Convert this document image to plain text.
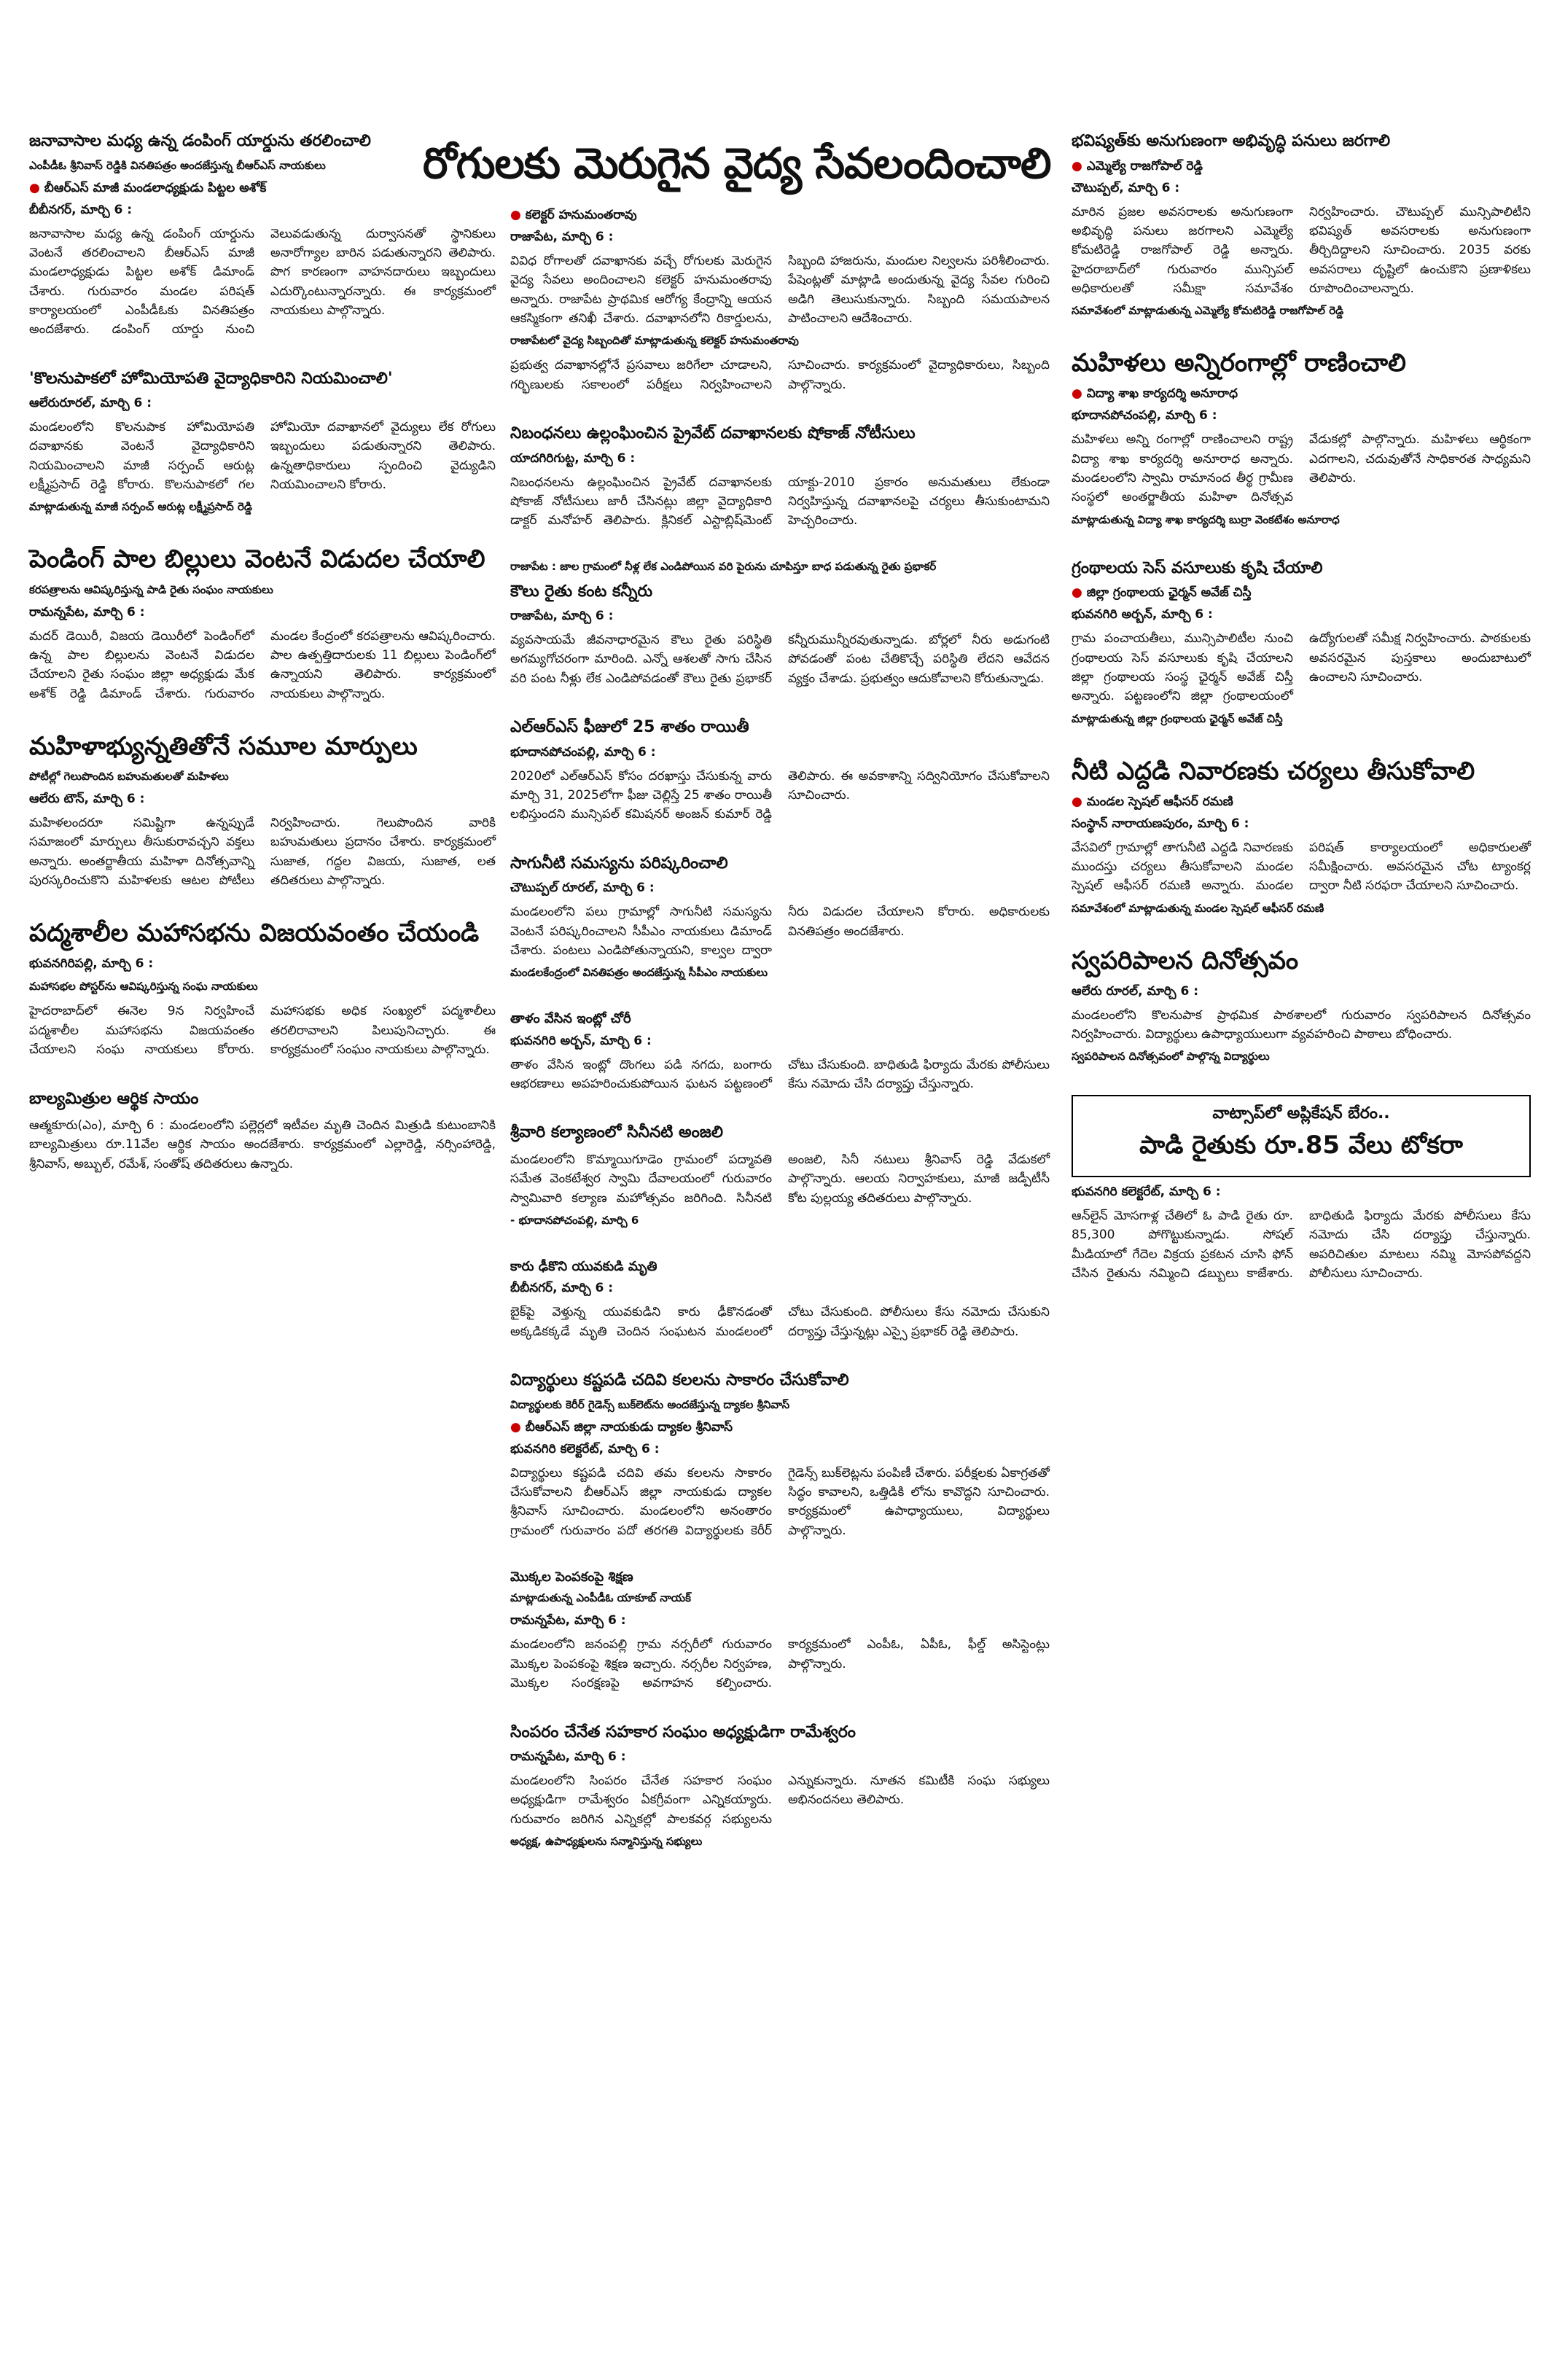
రోగులకు మెరుగైన వైద్య సేవలందించాలి
జనావాసాల మధ్య ఉన్న డంపింగ్ యార్డును తరలించాలి
ఎంపీడీఓ శ్రీనివాస్ రెడ్డికి వినతిపత్రం అందజేస్తున్న బీఆర్ఎస్ నాయకులు
● బీఆర్ఎస్ మాజీ మండలాధ్యక్షుడు పిట్టల అశోక్
బీబీనగర్, మార్చి 6 :

జనావాసాల మధ్య ఉన్న డంపింగ్ యార్డును వెంటనే తరలించాలని బీఆర్ఎస్ మాజీ మండలాధ్యక్షుడు పిట్టల అశోక్ డిమాండ్ చేశారు. గురువారం మండల పరిషత్ కార్యాలయంలో ఎంపీడీఓకు వినతిపత్రం అందజేశారు. డంపింగ్ యార్డు నుంచి వెలువడుతున్న దుర్వాసనతో స్థానికులు అనారోగ్యాల బారిన పడుతున్నారని తెలిపారు. పొగ కారణంగా వాహనదారులు ఇబ్బందులు ఎదుర్కొంటున్నారన్నారు. ఈ కార్యక్రమంలో నాయకులు పాల్గొన్నారు.

'కొలనుపాకలో హోమియోపతి వైద్యాధికారిని నియమించాలి'
ఆలేరురూరల్, మార్చి 6 :

మండలంలోని కొలనుపాక హోమియోపతి దవాఖానకు వెంటనే వైద్యాధికారిని నియమించాలని మాజీ సర్పంచ్ ఆరుట్ల లక్ష్మీప్రసాద్ రెడ్డి కోరారు. కొలనుపాకలో గల హోమియో దవాఖానలో వైద్యులు లేక రోగులు ఇబ్బందులు పడుతున్నారని తెలిపారు. ఉన్నతాధికారులు స్పందించి వైద్యుడిని నియమించాలని కోరారు.

మాట్లాడుతున్న మాజీ సర్పంచ్ ఆరుట్ల లక్ష్మీప్రసాద్ రెడ్డి
పెండింగ్ పాల బిల్లులు వెంటనే విడుదల చేయాలి
కరపత్రాలను ఆవిష్కరిస్తున్న పాడి రైతు సంఘం నాయకులు
రామన్నపేట, మార్చి 6 :

మదర్ డెయిరీ, విజయ డెయిరీలో పెండింగ్‌లో ఉన్న పాల బిల్లులను వెంటనే విడుదల చేయాలని రైతు సంఘం జిల్లా అధ్యక్షుడు మేక అశోక్ రెడ్డి డిమాండ్ చేశారు. గురువారం మండల కేంద్రంలో కరపత్రాలను ఆవిష్కరించారు. పాల ఉత్పత్తిదారులకు 11 బిల్లులు పెండింగ్‌లో ఉన్నాయని తెలిపారు. కార్యక్రమంలో నాయకులు పాల్గొన్నారు.

మహిళాభ్యున్నతితోనే సమూల మార్పులు
పోటీల్లో గెలుపొందిన బహుమతులతో మహిళలు
ఆలేరు టౌన్, మార్చి 6 :

మహిళలందరూ సమిష్టిగా ఉన్నప్పుడే సమాజంలో మార్పులు తీసుకురావచ్చని వక్తలు అన్నారు. అంతర్జాతీయ మహిళా దినోత్సవాన్ని పురస్కరించుకొని మహిళలకు ఆటల పోటీలు నిర్వహించారు. గెలుపొందిన వారికి బహుమతులు ప్రదానం చేశారు. కార్యక్రమంలో సుజాత, గద్దల విజయ, సుజాత, లత తదితరులు పాల్గొన్నారు.

పద్మశాలీల మహాసభను విజయవంతం చేయండి
భువనగిరిపల్లి, మార్చి 6 :
మహాసభల పోస్టర్‌ను ఆవిష్కరిస్తున్న సంఘ నాయకులు

హైదరాబాద్‌లో ఈనెల 9న నిర్వహించే పద్మశాలీల మహాసభను విజయవంతం చేయాలని సంఘ నాయకులు కోరారు. మహాసభకు అధిక సంఖ్యలో పద్మశాలీలు తరలిరావాలని పిలుపునిచ్చారు. ఈ కార్యక్రమంలో సంఘం నాయకులు పాల్గొన్నారు.

బాల్యమిత్రుల ఆర్థిక సాయం

ఆత్మకూరు(ఎం), మార్చి 6 : మండలంలోని పల్లెర్లలో ఇటీవల మృతి చెందిన మిత్రుడి కుటుంబానికి బాల్యమిత్రులు రూ.11వేల ఆర్థిక సాయం అందజేశారు. కార్యక్రమంలో ఎల్లారెడ్డి, నర్సింహారెడ్డి, శ్రీనివాస్, అబ్బుల్, రమేశ్, సంతోష్ తదితరులు ఉన్నారు.

● కలెక్టర్ హనుమంతరావు
రాజాపేట, మార్చి 6 :

వివిధ రోగాలతో దవాఖానకు వచ్చే రోగులకు మెరుగైన వైద్య సేవలు అందించాలని కలెక్టర్ హనుమంతరావు అన్నారు. రాజాపేట ప్రాథమిక ఆరోగ్య కేంద్రాన్ని ఆయన ఆకస్మికంగా తనిఖీ చేశారు. దవాఖానలోని రికార్డులను, సిబ్బంది హాజరును, మందుల నిల్వలను పరిశీలించారు. పేషెంట్లతో మాట్లాడి అందుతున్న వైద్య సేవల గురించి అడిగి తెలుసుకున్నారు. సిబ్బంది సమయపాలన పాటించాలని ఆదేశించారు.

రాజాపేటలో వైద్య సిబ్బందితో మాట్లాడుతున్న కలెక్టర్ హనుమంతరావు

ప్రభుత్వ దవాఖానల్లోనే ప్రసవాలు జరిగేలా చూడాలని, గర్భిణులకు సకాలంలో పరీక్షలు నిర్వహించాలని సూచించారు. కార్యక్రమంలో వైద్యాధికారులు, సిబ్బంది పాల్గొన్నారు.

నిబంధనలు ఉల్లంఘించిన ప్రైవేట్ దవాఖానలకు షోకాజ్ నోటీసులు
యాదగిరిగుట్ట, మార్చి 6 :

నిబంధనలను ఉల్లంఘించిన ప్రైవేట్ దవాఖానలకు షోకాజ్ నోటీసులు జారీ చేసినట్లు జిల్లా వైద్యాధికారి డాక్టర్ మనోహర్ తెలిపారు. క్లినికల్ ఎస్టాబ్లిష్‌మెంట్ యాక్టు-2010 ప్రకారం అనుమతులు లేకుండా నిర్వహిస్తున్న దవాఖానలపై చర్యలు తీసుకుంటామని హెచ్చరించారు.

రాజాపేట : జాల గ్రామంలో నీళ్ల లేక ఎండిపోయిన వరి పైరును చూపిస్తూ బాధ పడుతున్న రైతు ప్రభాకర్
కౌలు రైతు కంట కన్నీరు
రాజాపేట, మార్చి 6 :

వ్యవసాయమే జీవనాధారమైన కౌలు రైతు పరిస్థితి అగమ్యగోచరంగా మారింది. ఎన్నో ఆశలతో సాగు చేసిన వరి పంట నీళ్లు లేక ఎండిపోవడంతో కౌలు రైతు ప్రభాకర్ కన్నీరుమున్నీరవుతున్నాడు. బోర్లలో నీరు అడుగంటి పోవడంతో పంట చేతికొచ్చే పరిస్థితి లేదని ఆవేదన వ్యక్తం చేశాడు. ప్రభుత్వం ఆదుకోవాలని కోరుతున్నాడు.

ఎల్ఆర్ఎస్ ఫీజులో 25 శాతం రాయితీ
భూదానపోచంపల్లి, మార్చి 6 :

2020లో ఎల్ఆర్ఎస్ కోసం దరఖాస్తు చేసుకున్న వారు మార్చి 31, 2025లోగా ఫీజు చెల్లిస్తే 25 శాతం రాయితీ లభిస్తుందని మున్సిపల్ కమిషనర్ అంజన్ కుమార్ రెడ్డి తెలిపారు. ఈ అవకాశాన్ని సద్వినియోగం చేసుకోవాలని సూచించారు.

సాగునీటి సమస్యను పరిష్కరించాలి
చౌటుప్పల్ రూరల్, మార్చి 6 :

మండలంలోని పలు గ్రామాల్లో సాగునీటి సమస్యను వెంటనే పరిష్కరించాలని సీపీఎం నాయకులు డిమాండ్ చేశారు. పంటలు ఎండిపోతున్నాయని, కాల్వల ద్వారా నీరు విడుదల చేయాలని కోరారు. అధికారులకు వినతిపత్రం అందజేశారు.

మండలకేంద్రంలో వినతిపత్రం అందజేస్తున్న సీపీఎం నాయకులు
తాళం వేసిన ఇంట్లో చోరీ
భువనగిరి అర్బన్, మార్చి 6 :

తాళం వేసిన ఇంట్లో దొంగలు పడి నగదు, బంగారు ఆభరణాలు అపహరించుకుపోయిన ఘటన పట్టణంలో చోటు చేసుకుంది. బాధితుడి ఫిర్యాదు మేరకు పోలీసులు కేసు నమోదు చేసి దర్యాప్తు చేస్తున్నారు.

శ్రీవారి కల్యాణంలో సినీనటి అంజలి

మండలంలోని కొమ్మాయిగూడెం గ్రామంలో పద్మావతి సమేత వెంకటేశ్వర స్వామి దేవాలయంలో గురువారం స్వామివారి కల్యాణ మహోత్సవం జరిగింది. సినీనటి అంజలి, సినీ నటులు శ్రీనివాస్ రెడ్డి వేడుకలో పాల్గొన్నారు. ఆలయ నిర్వాహకులు, మాజీ జడ్పీటీసీ కోట పుల్లయ్య తదితరులు పాల్గొన్నారు.

- భూదానపోచంపల్లి, మార్చి 6
కారు ఢీకొని యువకుడి మృతి
బీబీనగర్, మార్చి 6 :

బైక్‌పై వెళ్తున్న యువకుడిని కారు ఢీకొనడంతో అక్కడికక్కడే మృతి చెందిన సంఘటన మండలంలో చోటు చేసుకుంది. పోలీసులు కేసు నమోదు చేసుకుని దర్యాప్తు చేస్తున్నట్లు ఎస్సై ప్రభాకర్ రెడ్డి తెలిపారు.

విద్యార్థులు కష్టపడి చదివి కలలను సాకారం చేసుకోవాలి
విద్యార్థులకు కెరీర్ గైడెన్స్ బుక్‌లెట్‌ను అందజేస్తున్న ద్యాకల శ్రీనివాస్
● బీఆర్ఎస్ జిల్లా నాయకుడు ద్యాకల శ్రీనివాస్
భువనగిరి కలెక్టరేట్, మార్చి 6 :

విద్యార్థులు కష్టపడి చదివి తమ కలలను సాకారం చేసుకోవాలని బీఆర్ఎస్ జిల్లా నాయకుడు ద్యాకల శ్రీనివాస్ సూచించారు. మండలంలోని అనంతారం గ్రామంలో గురువారం పదో తరగతి విద్యార్థులకు కెరీర్ గైడెన్స్ బుక్‌లెట్లను పంపిణీ చేశారు. పరీక్షలకు ఏకాగ్రతతో సిద్ధం కావాలని, ఒత్తిడికి లోను కావొద్దని సూచించారు. కార్యక్రమంలో ఉపాధ్యాయులు, విద్యార్థులు పాల్గొన్నారు.

మొక్కల పెంపకంపై శిక్షణ
మాట్లాడుతున్న ఎంపీడీఓ యాకూబ్ నాయక్
రామన్నపేట, మార్చి 6 :

మండలంలోని జనంపల్లి గ్రామ నర్సరీలో గురువారం మొక్కల పెంపకంపై శిక్షణ ఇచ్చారు. నర్సరీల నిర్వహణ, మొక్కల సంరక్షణపై అవగాహన కల్పించారు. కార్యక్రమంలో ఎంపీఓ, ఏపీఓ, ఫీల్డ్ అసిస్టెంట్లు పాల్గొన్నారు.

సింపరం చేనేత సహకార సంఘం అధ్యక్షుడిగా రామేశ్వరం
రామన్నపేట, మార్చి 6 :

మండలంలోని సింపరం చేనేత సహకార సంఘం అధ్యక్షుడిగా రామేశ్వరం ఏకగ్రీవంగా ఎన్నికయ్యారు. గురువారం జరిగిన ఎన్నికల్లో పాలకవర్గ సభ్యులను ఎన్నుకున్నారు. నూతన కమిటీకి సంఘ సభ్యులు అభినందనలు తెలిపారు.

అధ్యక్ష, ఉపాధ్యక్షులను సన్మానిస్తున్న సభ్యులు
భవిష్యత్‌కు అనుగుణంగా అభివృద్ధి పనులు జరగాలి
● ఎమ్మెల్యే రాజగోపాల్ రెడ్డి
చౌటుప్పల్, మార్చి 6 :

మారిన ప్రజల అవసరాలకు అనుగుణంగా అభివృద్ధి పనులు జరగాలని ఎమ్మెల్యే కోమటిరెడ్డి రాజగోపాల్ రెడ్డి అన్నారు. హైదరాబాద్‌లో గురువారం మున్సిపల్ అధికారులతో సమీక్షా సమావేశం నిర్వహించారు. చౌటుప్పల్ మున్సిపాలిటీని భవిష్యత్ అవసరాలకు అనుగుణంగా తీర్చిదిద్దాలని సూచించారు. 2035 వరకు అవసరాలు దృష్టిలో ఉంచుకొని ప్రణాళికలు రూపొందించాలన్నారు.

సమావేశంలో మాట్లాడుతున్న ఎమ్మెల్యే కోమటిరెడ్డి రాజగోపాల్ రెడ్డి
మహిళలు అన్నిరంగాల్లో రాణించాలి
● విద్యా శాఖ కార్యదర్శి అనూరాధ
భూదానపోచంపల్లి, మార్చి 6 :

మహిళలు అన్ని రంగాల్లో రాణించాలని రాష్ట్ర విద్యా శాఖ కార్యదర్శి అనూరాధ అన్నారు. మండలంలోని స్వామి రామానంద తీర్థ గ్రామీణ సంస్థలో అంతర్జాతీయ మహిళా దినోత్సవ వేడుకల్లో పాల్గొన్నారు. మహిళలు ఆర్థికంగా ఎదగాలని, చదువుతోనే సాధికారత సాధ్యమని తెలిపారు.

మాట్లాడుతున్న విద్యా శాఖ కార్యదర్శి బుర్రా వెంకటేశం అనూరాధ
గ్రంథాలయ సెస్ వసూలుకు కృషి చేయాలి
● జిల్లా గ్రంథాలయ ఛైర్మన్ అవేజ్ చిస్తీ
భువనగిరి అర్బన్, మార్చి 6 :

గ్రామ పంచాయతీలు, మున్సిపాలిటీల నుంచి గ్రంథాలయ సెస్ వసూలుకు కృషి చేయాలని జిల్లా గ్రంథాలయ సంస్థ ఛైర్మన్ అవేజ్ చిస్తీ అన్నారు. పట్టణంలోని జిల్లా గ్రంథాలయంలో ఉద్యోగులతో సమీక్ష నిర్వహించారు. పాఠకులకు అవసరమైన పుస్తకాలు అందుబాటులో ఉంచాలని సూచించారు.

మాట్లాడుతున్న జిల్లా గ్రంథాలయ ఛైర్మన్ అవేజ్ చిస్తీ
నీటి ఎద్దడి నివారణకు చర్యలు తీసుకోవాలి
● మండల స్పెషల్ ఆఫీసర్ రమణి
సంస్థాన్ నారాయణపురం, మార్చి 6 :

వేసవిలో గ్రామాల్లో తాగునీటి ఎద్దడి నివారణకు ముందస్తు చర్యలు తీసుకోవాలని మండల స్పెషల్ ఆఫీసర్ రమణి అన్నారు. మండల పరిషత్ కార్యాలయంలో అధికారులతో సమీక్షించారు. అవసరమైన చోట ట్యాంకర్ల ద్వారా నీటి సరఫరా చేయాలని సూచించారు.

సమావేశంలో మాట్లాడుతున్న మండల స్పెషల్ ఆఫీసర్ రమణి
స్వపరిపాలన దినోత్సవం
ఆలేరు రూరల్, మార్చి 6 :

మండలంలోని కొలనుపాక ప్రాథమిక పాఠశాలలో గురువారం స్వపరిపాలన దినోత్సవం నిర్వహించారు. విద్యార్థులు ఉపాధ్యాయులుగా వ్యవహరించి పాఠాలు బోధించారు.

స్వపరిపాలన దినోత్సవంలో పాల్గొన్న విద్యార్థులు
వాట్సాప్‌లో అప్లికేషన్ బేరం..
పాడి రైతుకు రూ.85 వేలు టోకరా
భువనగిరి కలెక్టరేట్, మార్చి 6 :

ఆన్‌లైన్ మోసగాళ్ల చేతిలో ఓ పాడి రైతు రూ. 85,300 పోగొట్టుకున్నాడు. సోషల్ మీడియాలో గేదెల విక్రయ ప్రకటన చూసి ఫోన్ చేసిన రైతును నమ్మించి డబ్బులు కాజేశారు. బాధితుడి ఫిర్యాదు మేరకు పోలీసులు కేసు నమోదు చేసి దర్యాప్తు చేస్తున్నారు. అపరిచితుల మాటలు నమ్మి మోసపోవద్దని పోలీసులు సూచించారు.
